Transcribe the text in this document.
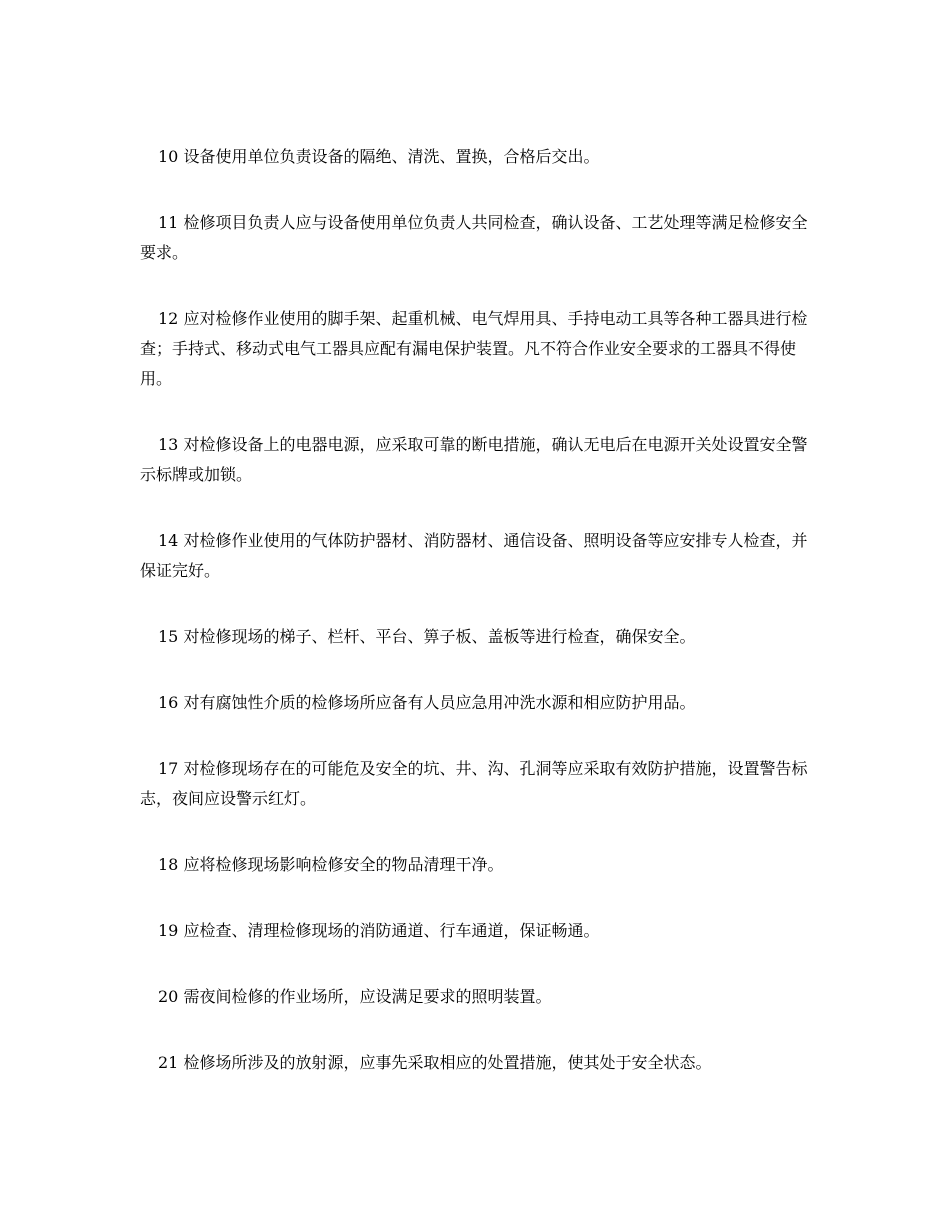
10 设备使用单位负责设备的隔绝、清洗、置换，合格后交出。

11 检修项目负责人应与设备使用单位负责人共同检查，确认设备、工艺处理等满足检修安全要求。

12 应对检修作业使用的脚手架、起重机械、电气焊用具、手持电动工具等各种工器具进行检查；手持式、移动式电气工器具应配有漏电保护装置。凡不符合作业安全要求的工器具不得使用。

13 对检修设备上的电器电源，应采取可靠的断电措施，确认无电后在电源开关处设置安全警示标牌或加锁。

14 对检修作业使用的气体防护器材、消防器材、通信设备、照明设备等应安排专人检查，并保证完好。

15 对检修现场的梯子、栏杆、平台、箅子板、盖板等进行检查，确保安全。

16 对有腐蚀性介质的检修场所应备有人员应急用冲洗水源和相应防护用品。

17 对检修现场存在的可能危及安全的坑、井、沟、孔洞等应采取有效防护措施，设置警告标志，夜间应设警示红灯。

18 应将检修现场影响检修安全的物品清理干净。

19 应检查、清理检修现场的消防通道、行车通道，保证畅通。

20 需夜间检修的作业场所，应设满足要求的照明装置。

21 检修场所涉及的放射源，应事先采取相应的处置措施，使其处于安全状态。
